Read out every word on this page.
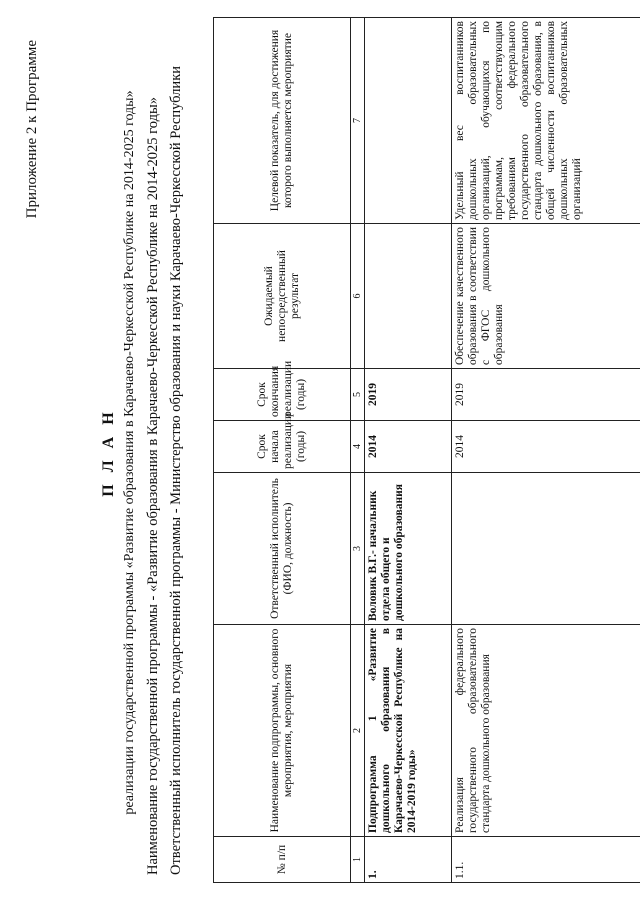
Приложение 2 к Программе
П Л А Н реализации государственной программы «Развитие образования в Карачаево-Черкесской Республике на 2014-2025 годы» Наименование государственной программы - «Развитие образования в Карачаево-Черкесской Республике на 2014-2025 годы» Ответственный исполнитель государственной программы - Министерство образования и науки Карачаево-Черкесской Республики	№ п/п	Наименование подпрограммы, основного мероприятия, мероприятия	Ответственный исполнитель (ФИО, должность)	Срок начала реализации (годы)	Срок окончания реализации (годы)	Ожидаемый непосредственный результат	Целевой показатель, для достижения которого выполняется мероприятие
1	2	3	4	5	6	7
1.	Подпрограмма 1 «Развитие дошкольного образования в Карачаево-Черкесской Республике на 2014-2019 годы»	Воловик В.Г.- начальник отдела общего и дошкольного образования	2014	2019		
1.1.	Реализация федерального государственного образовательного стандарта дошкольного образования		2014	2019	Обеспечение качественного образования в соответствии с ФГОС дошкольного образования	Удельный вес воспитанников дошкольных образовательных организаций, обучающихся по программам, соответствующим требованиям федерального государственного образовательного стандарта дошкольного образования, в общей численности воспитанников дошкольных образовательных организаций
